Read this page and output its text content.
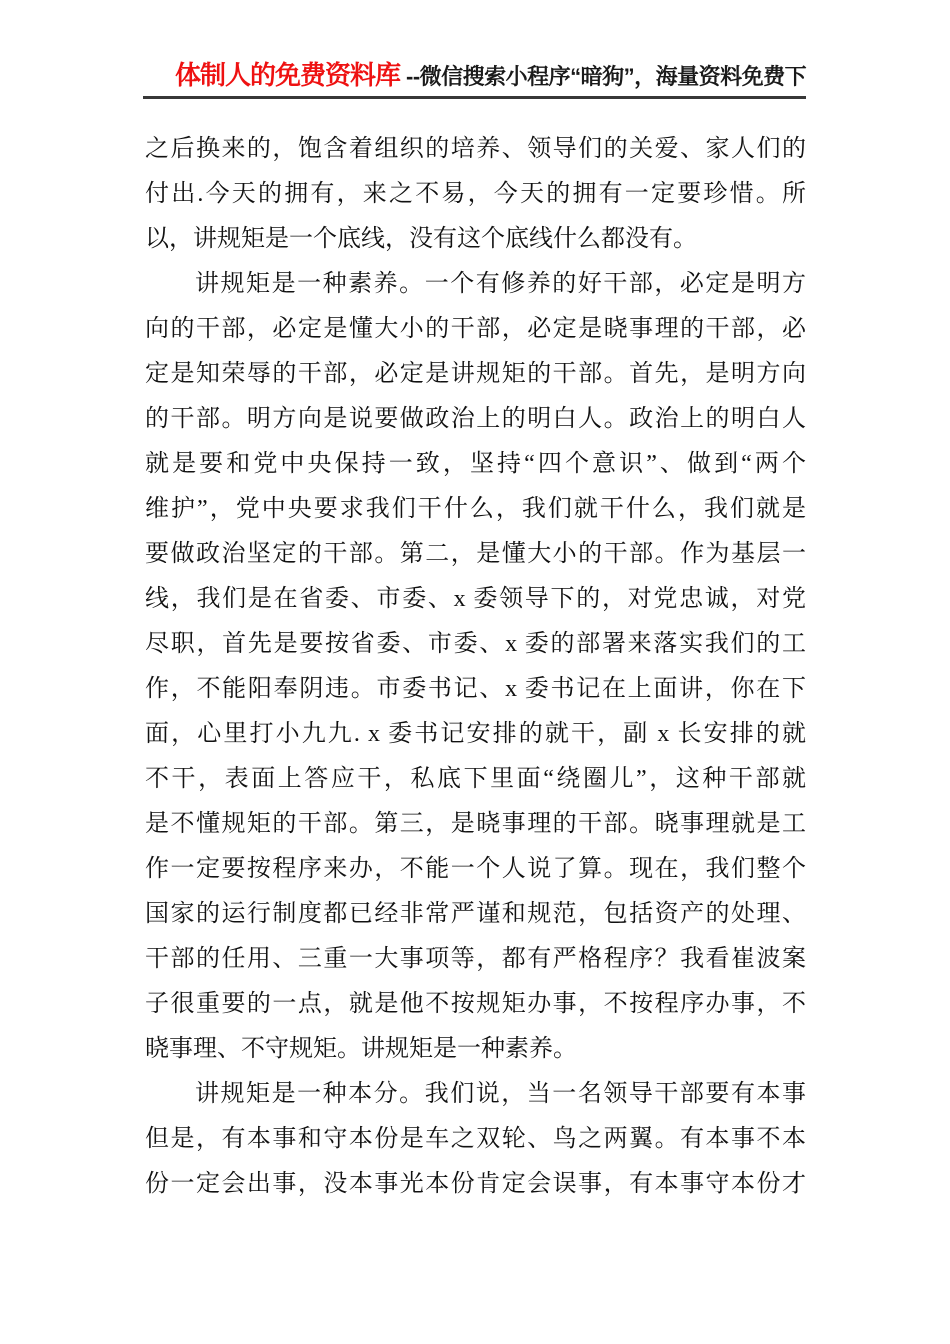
体制人的免费资料库 --微信搜索小程序“暗狗”，海量资料免费下
之后换来的，饱含着组织的培养、领导们的关爱、家人们的
付出.今天的拥有，来之不易，今天的拥有一定要珍惜。所
以，讲规矩是一个底线，没有这个底线什么都没有。
讲规矩是一种素养。一个有修养的好干部，必定是明方
向的干部，必定是懂大小的干部，必定是晓事理的干部，必
定是知荣辱的干部，必定是讲规矩的干部。首先，是明方向
的干部。明方向是说要做政治上的明白人。政治上的明白人
就是要和党中央保持一致，坚持“四个意识”、做到“两个
维护”，党中央要求我们干什么，我们就干什么，我们就是
要做政治坚定的干部。第二，是懂大小的干部。作为基层一
线，我们是在省委、市委、x 委领导下的，对党忠诚，对党
尽职，首先是要按省委、市委、x 委的部署来落实我们的工
作，不能阳奉阴违。市委书记、x 委书记在上面讲，你在下
面，心里打小九九. x 委书记安排的就干，副 x 长安排的就
不干，表面上答应干，私底下里面“绕圈儿”，这种干部就
是不懂规矩的干部。第三，是晓事理的干部。晓事理就是工
作一定要按程序来办，不能一个人说了算。现在，我们整个
国家的运行制度都已经非常严谨和规范，包括资产的处理、
干部的任用、三重一大事项等，都有严格程序？我看崔波案
子很重要的一点，就是他不按规矩办事，不按程序办事，不
晓事理、不守规矩。讲规矩是一种素养。
讲规矩是一种本分。我们说，当一名领导干部要有本事
但是，有本事和守本份是车之双轮、鸟之两翼。有本事不本
份一定会出事，没本事光本份肯定会误事，有本事守本份才
